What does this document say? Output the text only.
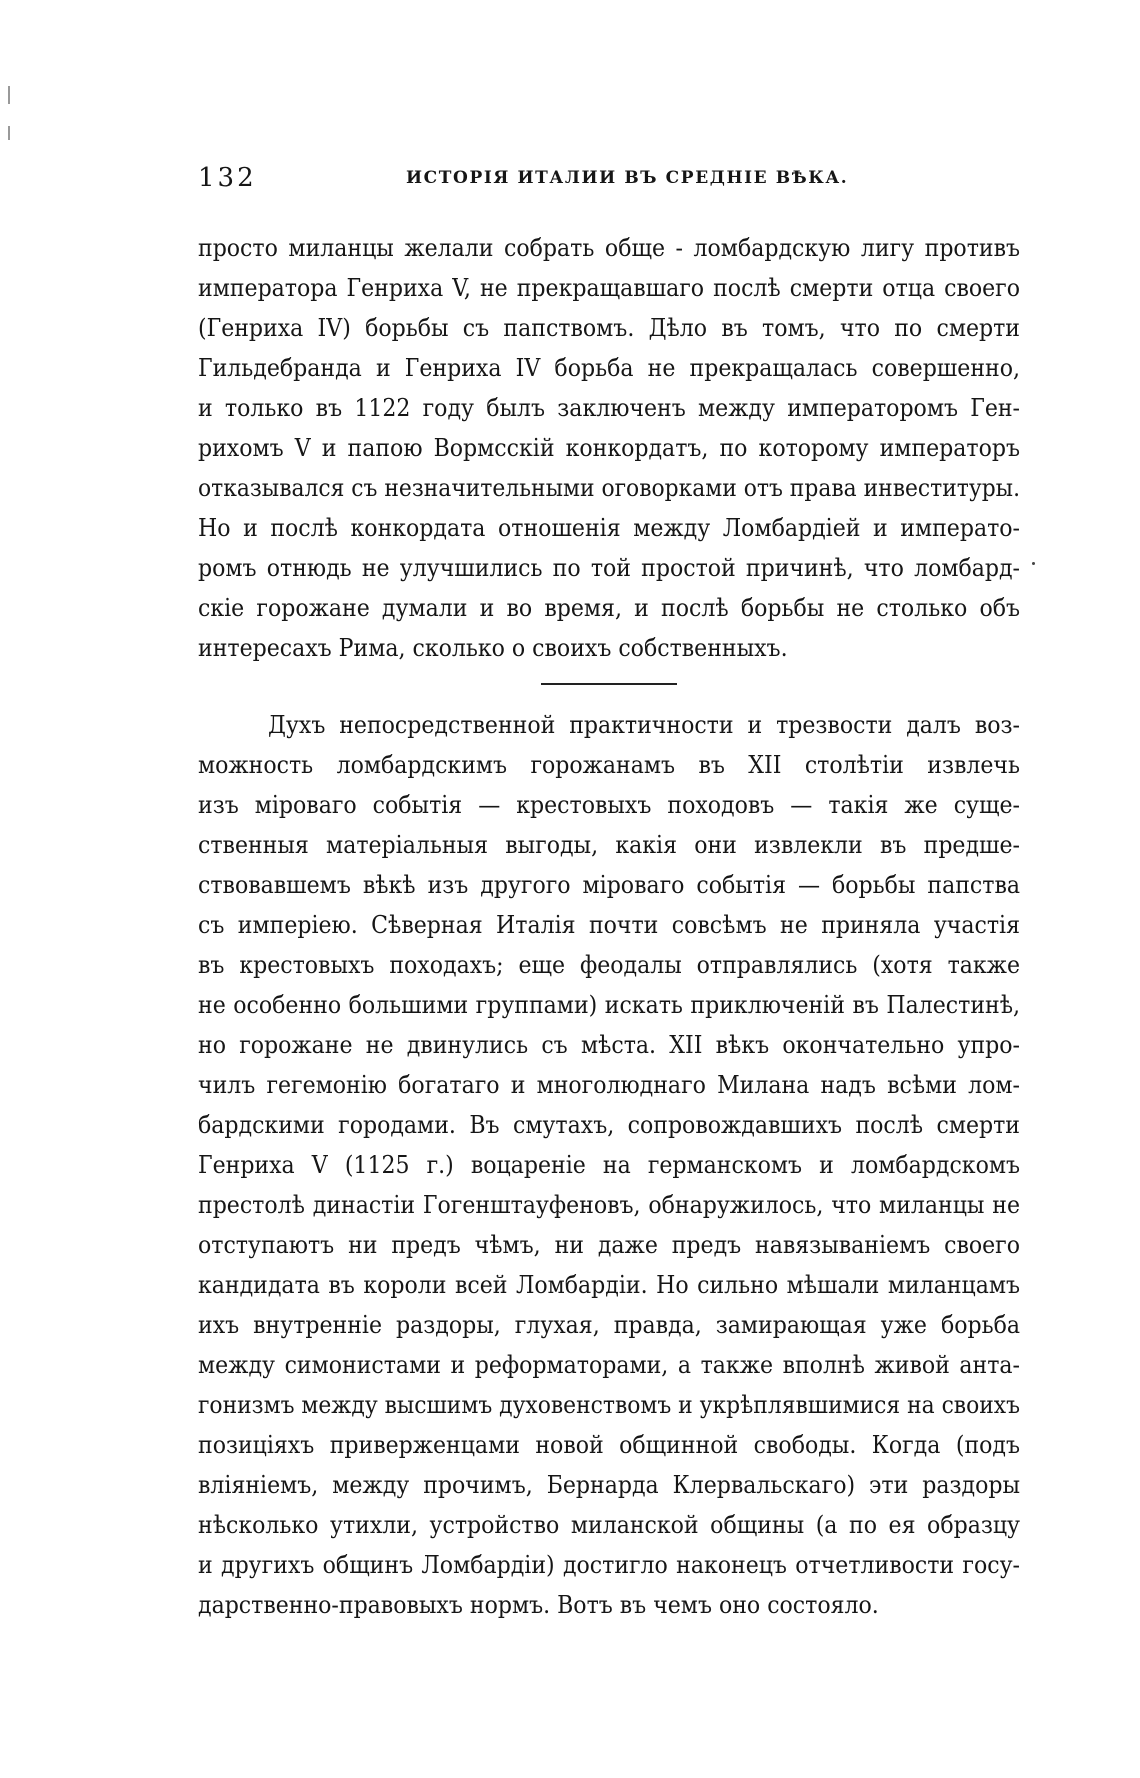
132	ИСТОРІЯ ИТАЛИИ ВЪ СРЕДНІЕ ВѢКА.
просто миланцы желали собрать обще - ломбардскую лигу противъ
императора Генриха V, не прекращавшаго послѣ смерти отца своего
(Генриха IV) борьбы съ папствомъ. Дѣло въ томъ, что по смерти
Гильдебранда и Генриха IV борьба не прекращалась совершенно,
и только въ 1122 году былъ заключенъ между императоромъ Ген-
рихомъ V и папою Вормсскій конкордатъ, по которому императоръ
отказывался съ незначительными оговорками отъ права инвеституры.
Но и послѣ конкордата отношенія между Ломбардіей и императо-
ромъ отнюдь не улучшились по той простой причинѣ, что ломбард-
скіе горожане думали и во время, и послѣ борьбы не столько объ
интересахъ Рима, сколько о своихъ собственныхъ.
Духъ непосредственной практичности и трезвости далъ воз-
можность ломбардскимъ горожанамъ въ XII столѣтіи извлечь
изъ міроваго событія — крестовыхъ походовъ — такія же суще-
ственныя матеріальныя выгоды, какія они извлекли въ предше-
ствовавшемъ вѣкѣ изъ другого міроваго событія — борьбы папства
съ имперіею. Сѣверная Италія почти совсѣмъ не приняла участія
въ крестовыхъ походахъ; еще феодалы отправлялись (хотя также
не особенно большими группами) искать приключеній въ Палестинѣ,
но горожане не двинулись съ мѣста. XII вѣкъ окончательно упро-
чилъ гегемонію богатаго и многолюднаго Милана надъ всѣми лом-
бардскими городами. Въ смутахъ, сопровождавшихъ послѣ смерти
Генриха V (1125 г.) воцареніе на германскомъ и ломбардскомъ
престолѣ династіи Гогенштауфеновъ, обнаружилось, что миланцы не
отступаютъ ни предъ чѣмъ, ни даже предъ навязываніемъ своего
кандидата въ короли всей Ломбардіи. Но сильно мѣшали миланцамъ
ихъ внутренніе раздоры, глухая, правда, замирающая уже борьба
между симонистами и реформаторами, а также вполнѣ живой анта-
гонизмъ между высшимъ духовенствомъ и укрѣплявшимися на своихъ
позиціяхъ приверженцами новой общинной свободы. Когда (подъ
вліяніемъ, между прочимъ, Бернарда Клервальскаго) эти раздоры
нѣсколько утихли, устройство миланской общины (а по ея образцу
и другихъ общинъ Ломбардіи) достигло наконецъ отчетливости госу-
дарственно-правовыхъ нормъ. Вотъ въ чемъ оно состояло.
